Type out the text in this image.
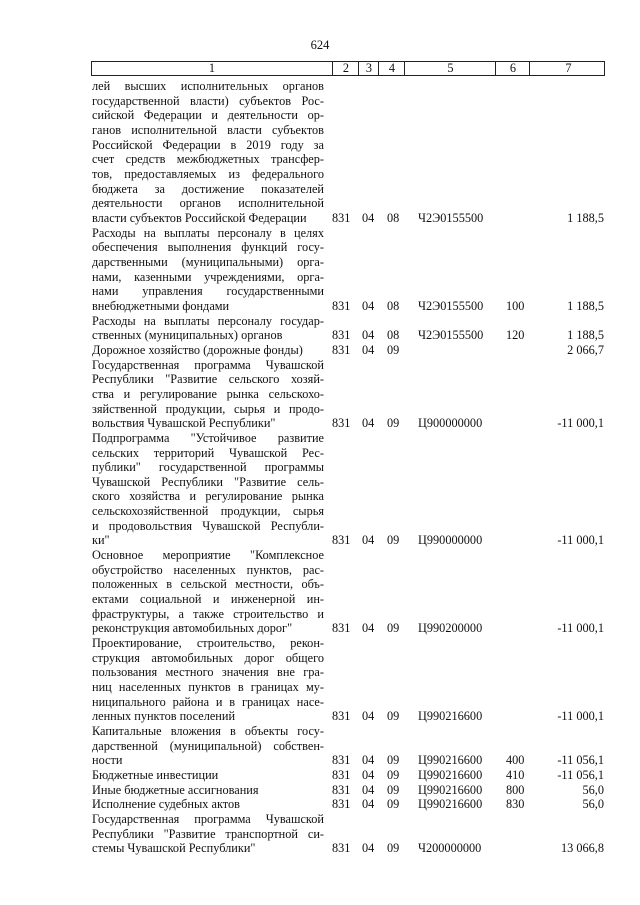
624
1	2	3	4	5	6	7
лей высших исполнительных органов
государственной власти) субъектов Рос-
сийской Федерации и деятельности ор-
ганов исполнительной власти субъектов
Российской Федерации в 2019 году за
счет средств межбюджетных трансфер-
тов, предоставляемых из федерального
бюджета за достижение показателей
деятельности органов исполнительной
власти субъектов Российской Федерации	831 04 08 Ч2Э0155500	1 188,5
Расходы на выплаты персоналу в целях
обеспечения выполнения функций госу-
дарственными (муниципальными) орга-
нами, казенными учреждениями, орга-
нами управления государственными
внебюджетными фондами	831 04 08 Ч2Э0155500 100	1 188,5
Расходы на выплаты персоналу государ-
ственных (муниципальных) органов	831 04 08 Ч2Э0155500 120	1 188,5
Дорожное хозяйство (дорожные фонды)	831 04 09	2 066,7
Государственная программа Чувашской
Республики "Развитие сельского хозяй-
ства и регулирование рынка сельскохо-
зяйственной продукции, сырья и продо-
вольствия Чувашской Республики"	831 04 09 Ц900000000	-11 000,1
Подпрограмма "Устойчивое развитие
сельских территорий Чувашской Рес-
публики" государственной программы
Чувашской Республики "Развитие сель-
ского хозяйства и регулирование рынка
сельскохозяйственной продукции, сырья
и продовольствия Чувашской Республи-
ки"	831 04 09 Ц990000000	-11 000,1
Основное мероприятие "Комплексное
обустройство населенных пунктов, рас-
положенных в сельской местности, объ-
ектами социальной и инженерной ин-
фраструктуры, а также строительство и
реконструкция автомобильных дорог"	831 04 09 Ц990200000	-11 000,1
Проектирование, строительство, рекон-
струкция автомобильных дорог общего
пользования местного значения вне гра-
ниц населенных пунктов в границах му-
ниципального района и в границах насе-
ленных пунктов поселений	831 04 09 Ц990216600	-11 000,1
Капитальные вложения в объекты госу-
дарственной (муниципальной) собствен-
ности	831 04 09 Ц990216600 400	-11 056,1
Бюджетные инвестиции	831 04 09 Ц990216600 410	-11 056,1
Иные бюджетные ассигнования	831 04 09 Ц990216600 800	56,0
Исполнение судебных актов	831 04 09 Ц990216600 830	56,0
Государственная программа Чувашской
Республики "Развитие транспортной си-
стемы Чувашской Республики"	831 04 09 Ч200000000	13 066,8
